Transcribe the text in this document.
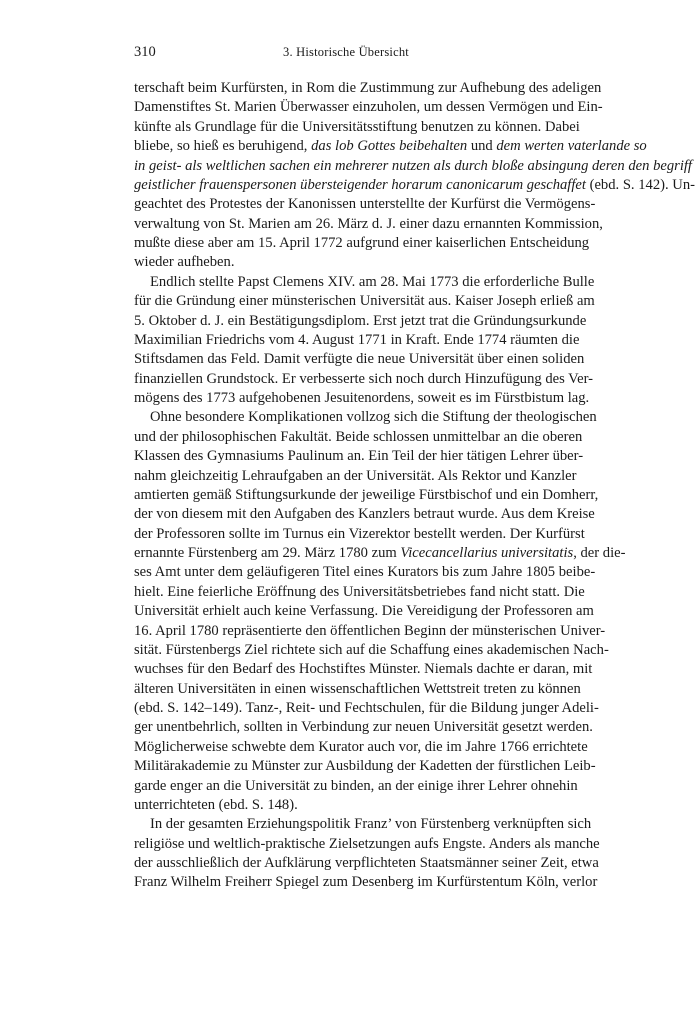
310	3. Historische Übersicht
terschaft beim Kurfürsten, in Rom die Zustimmung zur Aufhebung des adeligen
Damenstiftes St. Marien Überwasser einzuholen, um dessen Vermögen und Ein-
künfte als Grundlage für die Universitätsstiftung benutzen zu können. Dabei
bliebe, so hieß es beruhigend, das lob Gottes beibehalten und dem werten vaterlande so
in geist- als weltlichen sachen ein mehrerer nutzen als durch bloße absingung deren den begriff
geistlicher frauenspersonen übersteigender horarum canonicarum geschaffet (ebd. S. 142). Un-
geachtet des Protestes der Kanonissen unterstellte der Kurfürst die Vermögens-
verwaltung von St. Marien am 26. März d. J. einer dazu ernannten Kommission,
mußte diese aber am 15. April 1772 aufgrund einer kaiserlichen Entscheidung
wieder aufheben.
Endlich stellte Papst Clemens XIV. am 28. Mai 1773 die erforderliche Bulle
für die Gründung einer münsterischen Universität aus. Kaiser Joseph erließ am
5. Oktober d. J. ein Bestätigungsdiplom. Erst jetzt trat die Gründungsurkunde
Maximilian Friedrichs vom 4. August 1771 in Kraft. Ende 1774 räumten die
Stiftsdamen das Feld. Damit verfügte die neue Universität über einen soliden
finanziellen Grundstock. Er verbesserte sich noch durch Hinzufügung des Ver-
mögens des 1773 aufgehobenen Jesuitenordens, soweit es im Fürstbistum lag.
Ohne besondere Komplikationen vollzog sich die Stiftung der theologischen
und der philosophischen Fakultät. Beide schlossen unmittelbar an die oberen
Klassen des Gymnasiums Paulinum an. Ein Teil der hier tätigen Lehrer über-
nahm gleichzeitig Lehraufgaben an der Universität. Als Rektor und Kanzler
amtierten gemäß Stiftungsurkunde der jeweilige Fürstbischof und ein Domherr,
der von diesem mit den Aufgaben des Kanzlers betraut wurde. Aus dem Kreise
der Professoren sollte im Turnus ein Vizerektor bestellt werden. Der Kurfürst
ernannte Fürstenberg am 29. März 1780 zum Vicecancellarius universitatis, der die-
ses Amt unter dem geläufigeren Titel eines Kurators bis zum Jahre 1805 beibe-
hielt. Eine feierliche Eröffnung des Universitätsbetriebes fand nicht statt. Die
Universität erhielt auch keine Verfassung. Die Vereidigung der Professoren am
16. April 1780 repräsentierte den öffentlichen Beginn der münsterischen Univer-
sität. Fürstenbergs Ziel richtete sich auf die Schaffung eines akademischen Nach-
wuchses für den Bedarf des Hochstiftes Münster. Niemals dachte er daran, mit
älteren Universitäten in einen wissenschaftlichen Wettstreit treten zu können
(ebd. S. 142–149). Tanz-, Reit- und Fechtschulen, für die Bildung junger Adeli-
ger unentbehrlich, sollten in Verbindung zur neuen Universität gesetzt werden.
Möglicherweise schwebte dem Kurator auch vor, die im Jahre 1766 errichtete
Militärakademie zu Münster zur Ausbildung der Kadetten der fürstlichen Leib-
garde enger an die Universität zu binden, an der einige ihrer Lehrer ohnehin
unterrichteten (ebd. S. 148).
In der gesamten Erziehungspolitik Franz’ von Fürstenberg verknüpften sich
religiöse und weltlich-praktische Zielsetzungen aufs Engste. Anders als manche
der ausschließlich der Aufklärung verpflichteten Staatsmänner seiner Zeit, etwa
Franz Wilhelm Freiherr Spiegel zum Desenberg im Kurfürstentum Köln, verlor
